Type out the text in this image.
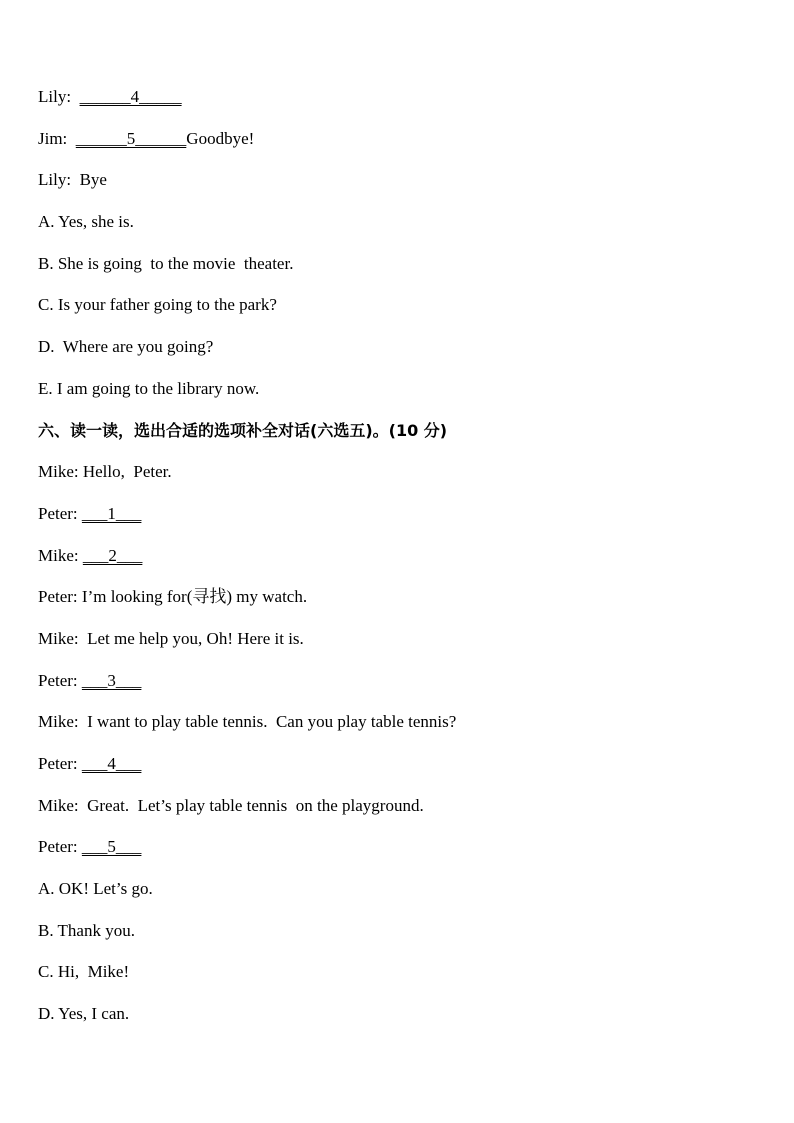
Lily: ______4_____
Jim: ______5______Goodbye!
Lily: Bye
A. Yes, she is.
B. She is going  to the movie  theater.
C. Is your father going to the park?
D.  Where are you going?
E. I am going to the library now.
六、读一读，选出合适的选项补全对话(六选五)。(10 分)
Mike: Hello,  Peter.
Peter: ___1___
Mike: ___2___
Peter: I’m looking for(寻找) my watch.
Mike:  Let me help you, Oh! Here it is.
Peter: ___3___
Mike:  I want to play table tennis.  Can you play table tennis?
Peter: ___4___
Mike:  Great.  Let’s play table tennis  on the playground.
Peter: ___5___
A. OK! Let’s go.
B. Thank you.
C. Hi,  Mike!
D. Yes, I can.
